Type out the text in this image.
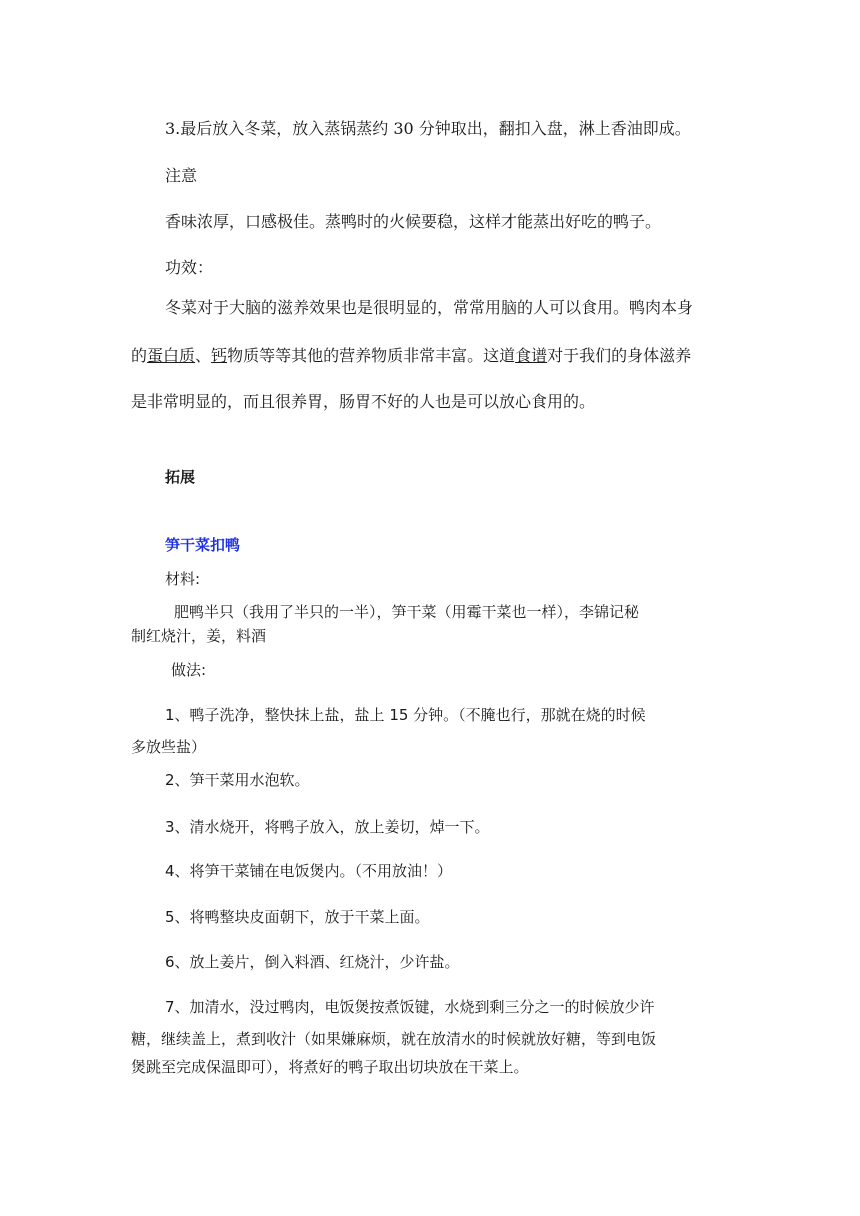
3.最后放入冬菜，放入蒸锅蒸约 30 分钟取出，翻扣入盘，淋上香油即成。
注意
香味浓厚，口感极佳。蒸鸭时的火候要稳，这样才能蒸出好吃的鸭子。
功效：
冬菜对于大脑的滋养效果也是很明显的，常常用脑的人可以食用。鸭肉本身
的蛋白质、钙物质等等其他的营养物质非常丰富。这道食谱对于我们的身体滋养
是非常明显的，而且很养胃，肠胃不好的人也是可以放心食用的。
拓展
笋干菜扣鸭
材料:
肥鸭半只（我用了半只的一半），笋干菜（用霉干菜也一样），李锦记秘
制红烧汁，姜，料酒
做法:
1、鸭子洗净，整快抹上盐，盐上 15 分钟。（不腌也行，那就在烧的时候
多放些盐）
2、笋干菜用水泡软。
3、清水烧开，将鸭子放入，放上姜切，焯一下。
4、将笋干菜铺在电饭煲内。（不用放油！）
5、将鸭整块皮面朝下，放于干菜上面。
6、放上姜片，倒入料酒、红烧汁，少许盐。
7、加清水，没过鸭肉，电饭煲按煮饭键，水烧到剩三分之一的时候放少许
糖，继续盖上，煮到收汁（如果嫌麻烦，就在放清水的时候就放好糖，等到电饭
煲跳至完成保温即可），将煮好的鸭子取出切块放在干菜上。
